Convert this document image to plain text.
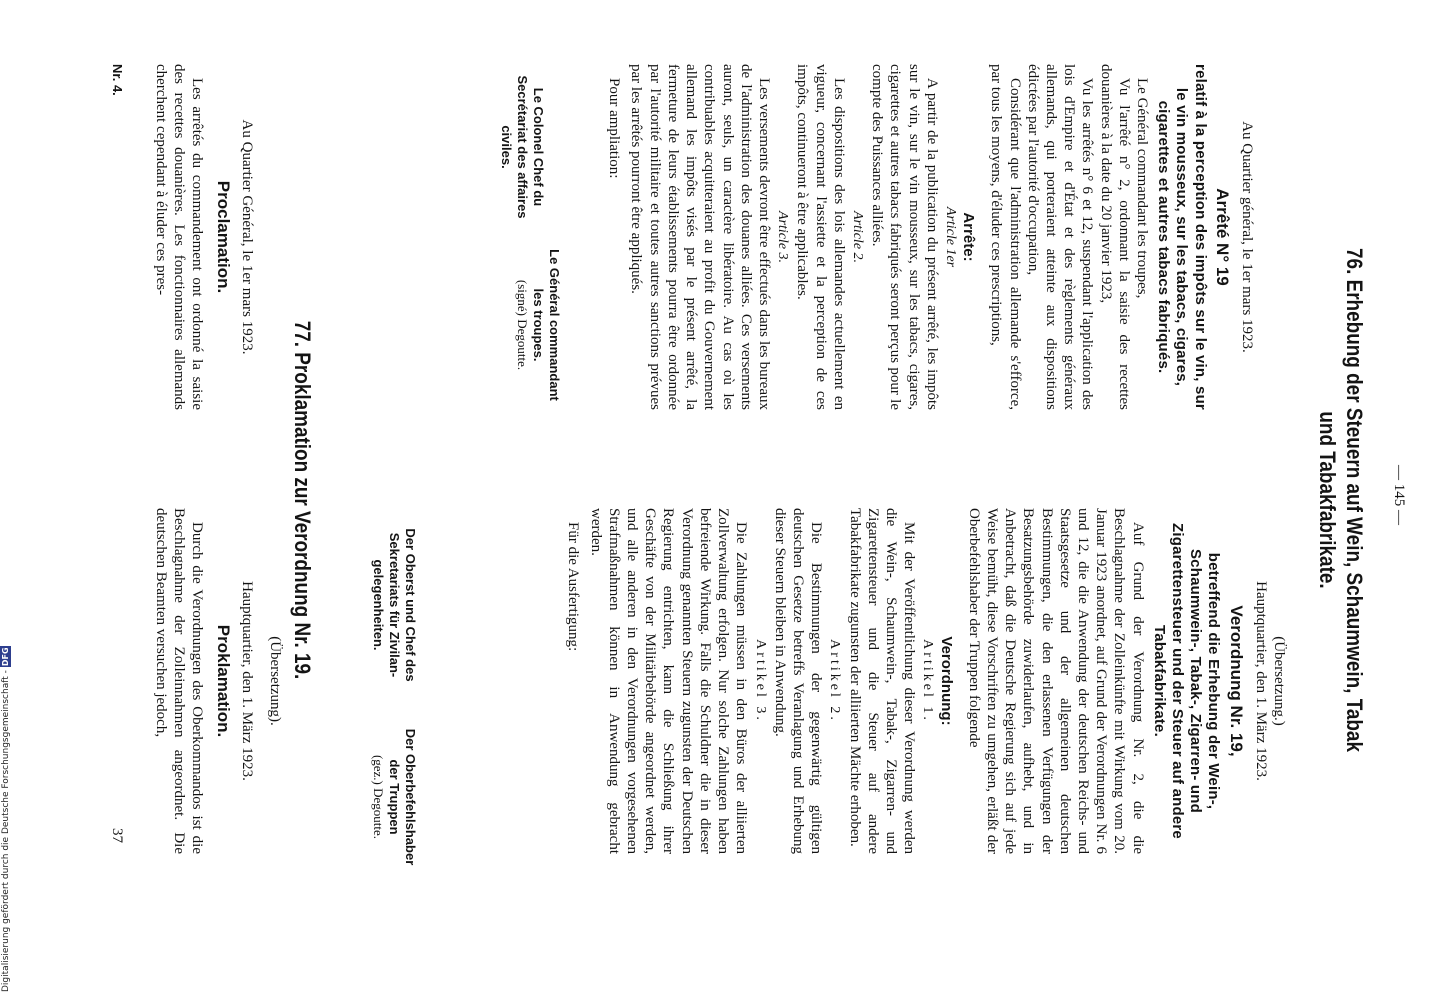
— 145 —
76. Erhebung der Steuern auf Wein, Schaumwein, Tabak
und Tabakfabrikate.
Au Quartier général, le 1er mars 1923.
Arrêté N° 19

relatif à la perception des impôts sur le vin, sur le vin mousseux, sur les tabacs, cigares, cigarettes et autres tabacs fabriqués.

Le Général commandant les troupes,

Vu l'arrêté n° 2, ordonnant la saisie des recettes douanières à la date du 20 janvier 1923,

Vu les arrêtés n° 6 et 12, suspendant l'application des lois d'Empire et d'État et des règlements généraux allemands, qui porteraient atteinte aux dispositions édictées par l'autorité d'occupation,

Considérant que l'administration allemande s'efforce, par tous les moyens, d'éluder ces prescriptions,

Arrête:
Article 1er

A partir de la publication du présent arrêté, les impôts sur le vin, sur le vin mousseux, sur les tabacs, cigares, cigarettes et autres tabacs fabriqués seront perçus pour le compte des Puissances alliées.

Article 2.

Les dispositions des lois allemandes actuellement en vigueur, concernant l'assiette et la perception de ces impôts, continueront à être applicables.

Article 3.

Les versements devront être effectués dans les bureaux de l'administration des douanes alliées. Ces versements auront, seuls, un caractère libératoire. Au cas où les contribuables acquitteraient au profit du Gouvernement allemand les impôts visés par le présent arrêté, la fermeture de leurs établissements pourra être ordonnée par l'autorité militaire et toutes autres sanctions prévues par les arrêtés pourront être appliqués.

Pour ampliation:

Le Colonel Chef du
Secrétariat des affaires
civiles.
Le Général commandant
les troupes.
(signé) Degoutte.
(Übersetzung.)
Hauptquartier, den 1. März 1923.
Verordnung Nr. 19,

betreffend die Erhebung der Wein-, Schaumwein-, Tabak-, Zigarren- und Zigarettensteuer und der Steuer auf andere Tabakfabrikate.

Auf Grund der Verordnung Nr. 2, die die Beschlagnahme der Zolleinkünfte mit Wirkung vom 20. Januar 1923 anordnet, auf Grund der Verordnungen Nr. 6 und 12, die die Anwendung der deutschen Reichs- und Staatsgesetze und der allgemeinen deutschen Bestimmungen, die den erlassenen Verfügungen der Besatzungsbehörde zuwiderlaufen, aufhebt, und in Anbetracht, daß die Deutsche Regierung sich auf jede Weise bemüht, diese Vorschriften zu umgehen, erläßt der Oberbefehlshaber der Truppen folgende

Verordnung:
Artikel 1.

Mit der Veröffentlichung dieser Verordnung werden die Wein-, Schaumwein-, Tabak-, Zigarren- und Zigarettensteuer und die Steuer auf andere Tabakfabrikate zugunsten der alliierten Mächte erhoben.

Artikel 2.

Die Bestimmungen der gegenwärtig gültigen deutschen Gesetze betreffs Veranlagung und Erhebung dieser Steuern bleiben in Anwendung.

Artikel 3.

Die Zahlungen müssen in den Büros der alliierten Zollverwaltung erfolgen. Nur solche Zahlungen haben befreiende Wirkung. Falls die Schuldner die in dieser Verordnung genannten Steuern zugunsten der Deutschen Regierung entrichten, kann die Schließung ihrer Geschäfte von der Militärbehörde angeordnet werden, und alle anderen in den Verordnungen vorgesehenen Strafmaßnahmen können in Anwendung gebracht werden.

Für die Ausfertigung:

Der Oberst und Chef des
Sekretariats für Zivilan-
gelegenheiten.
Der Oberbefehlshaber
der Truppen
(gez.) Degoutte.
77. Proklamation zur Verordnung Nr. 19.
(Übersetzung).
Au Quartier Général, le 1er mars 1923.
Hauptquartier, den 1. März 1923.
Proclamation.
Proklamation.

Les arrêtés du commandement ont ordonné la saisie des recettes douanières. Les fonctionnaires allemands cherchent cependant à éluder ces pres-

Durch die Verordnungen des Oberkommandos ist die Beschlagnahme der Zolleinnahmen angeordnet. Die deutschen Beamten versuchen jedoch,

Nr. 4.
37
Digitalisierung gefördert durch die Deutsche Forschungsgemeinschaft -DFG
